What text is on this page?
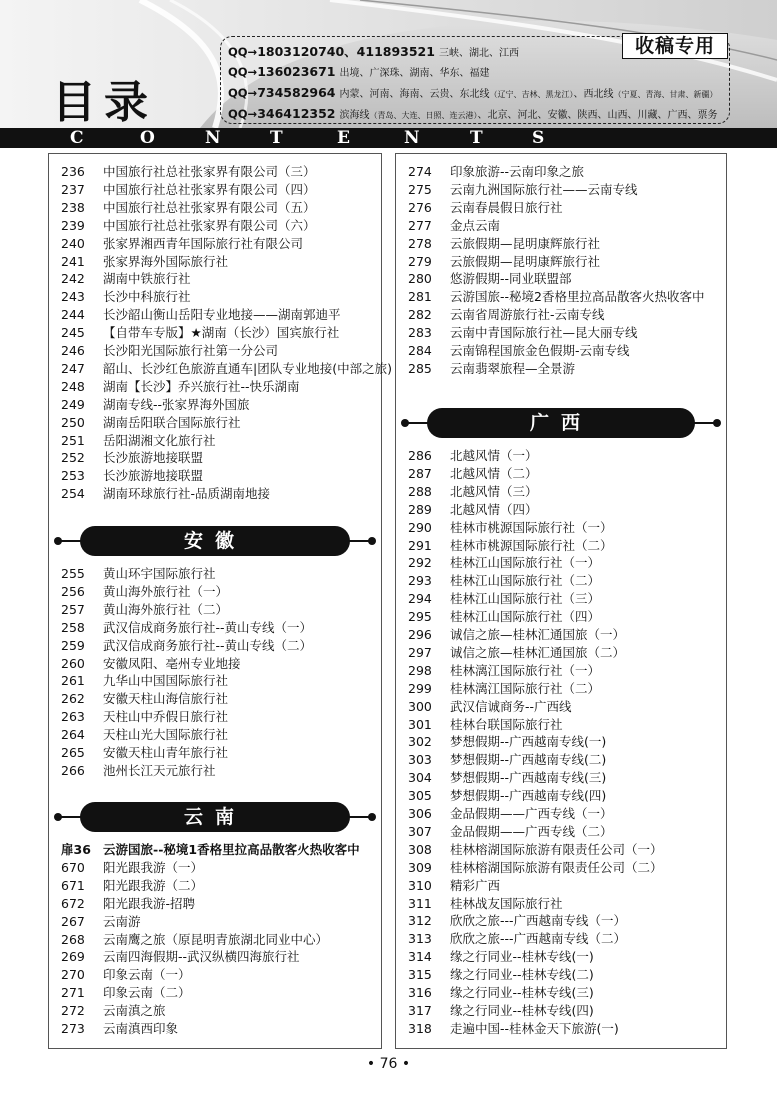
目录
QQ→1803120740、411893521 三峡、湖北、江西
QQ→136023671 出境、广深珠、湖南、华东、福建
QQ→734582964 内蒙、河南、海南、云贵、东北线（辽宁、吉林、黑龙江）、西北线（宁夏、青海、甘肃、新疆）
QQ→346412352 滨海线（青岛、大连、日照、连云港）、北京、河北、安徽、陕西、山西、川藏、广西、票务
收稿专用
C	O	N	T	E	N	T	S
236	中国旅行社总社张家界有限公司（三）
237	中国旅行社总社张家界有限公司（四）
238	中国旅行社总社张家界有限公司（五）
239	中国旅行社总社张家界有限公司（六）
240	张家界湘西青年国际旅行社有限公司
241	张家界海外国际旅行社
242	湖南中铁旅行社
243	长沙中科旅行社
244	长沙韶山衡山岳阳专业地接——湖南郭迪平
245	【自带车专版】★湖南（长沙）国宾旅行社
246	长沙阳光国际旅行社第一分公司
247	韶山、长沙红色旅游直通车|团队专业地接(中部之旅)
248	湖南【长沙】乔兴旅行社--快乐湖南
249	湖南专线--张家界海外国旅
250	湖南岳阳联合国际旅行社
251	岳阳湖湘文化旅行社
252	长沙旅游地接联盟
253	长沙旅游地接联盟
254	湖南环球旅行社-品质湖南地接
255	黄山环宇国际旅行社
256	黄山海外旅行社（一）
257	黄山海外旅行社（二）
258	武汉信成商务旅行社--黄山专线（一）
259	武汉信成商务旅行社--黄山专线（二）
260	安徽凤阳、亳州专业地接
261	九华山中国国际旅行社
262	安徽天柱山海信旅行社
263	天柱山中乔假日旅行社
264	天柱山光大国际旅行社
265	安徽天柱山青年旅行社
266	池州长江天元旅行社
扉36 云游国旅--秘境1香格里拉高品散客火热收客中
670	阳光跟我游（一）
671	阳光跟我游（二）
672	阳光跟我游-招聘
267	云南游
268	云南鹰之旅（原昆明青旅湖北同业中心）
269	云南四海假期--武汉纵横四海旅行社
270	印象云南（一）
271	印象云南（二）
272	云南滇之旅
273	云南滇西印象
274	印象旅游--云南印象之旅
275	云南九洲国际旅行社——云南专线
276	云南春晨假日旅行社
277	金点云南
278	云旅假期—昆明康辉旅行社
279	云旅假期—昆明康辉旅行社
280	悠游假期--同业联盟部
281	云游国旅--秘境2香格里拉高品散客火热收客中
282	云南省周游旅行社-云南专线
283	云南中青国际旅行社—昆大丽专线
284	云南锦程国旅金色假期-云南专线
285	云南翡翠旅程—全景游
286	北越风情（一）
287	北越风情（二）
288	北越风情（三）
289	北越风情（四）
290	桂林市桃源国际旅行社（一）
291	桂林市桃源国际旅行社（二）
292	桂林江山国际旅行社（一）
293	桂林江山国际旅行社（二）
294	桂林江山国际旅行社（三）
295	桂林江山国际旅行社（四）
296	诚信之旅—桂林汇通国旅（一）
297	诚信之旅—桂林汇通国旅（二）
298	桂林漓江国际旅行社（一）
299	桂林漓江国际旅行社（二）
300	武汉信诚商务--广西线
301	桂林台联国际旅行社
302	梦想假期--广西越南专线(一)
303	梦想假期--广西越南专线(二)
304	梦想假期--广西越南专线(三)
305	梦想假期--广西越南专线(四)
306	金品假期——广西专线（一）
307	金品假期——广西专线（二）
308	桂林榕湖国际旅游有限责任公司（一）
309	桂林榕湖国际旅游有限责任公司（二）
310	精彩广西
311	桂林战友国际旅行社
312	欣欣之旅---广西越南专线（一）
313	欣欣之旅---广西越南专线（二）
314	缘之行同业--桂林专线(一)
315	缘之行同业--桂林专线(二)
316	缘之行同业--桂林专线(三)
317	缘之行同业--桂林专线(四)
318	走遍中国--桂林金天下旅游(一)
安徽
云南
广西
• 76 •
